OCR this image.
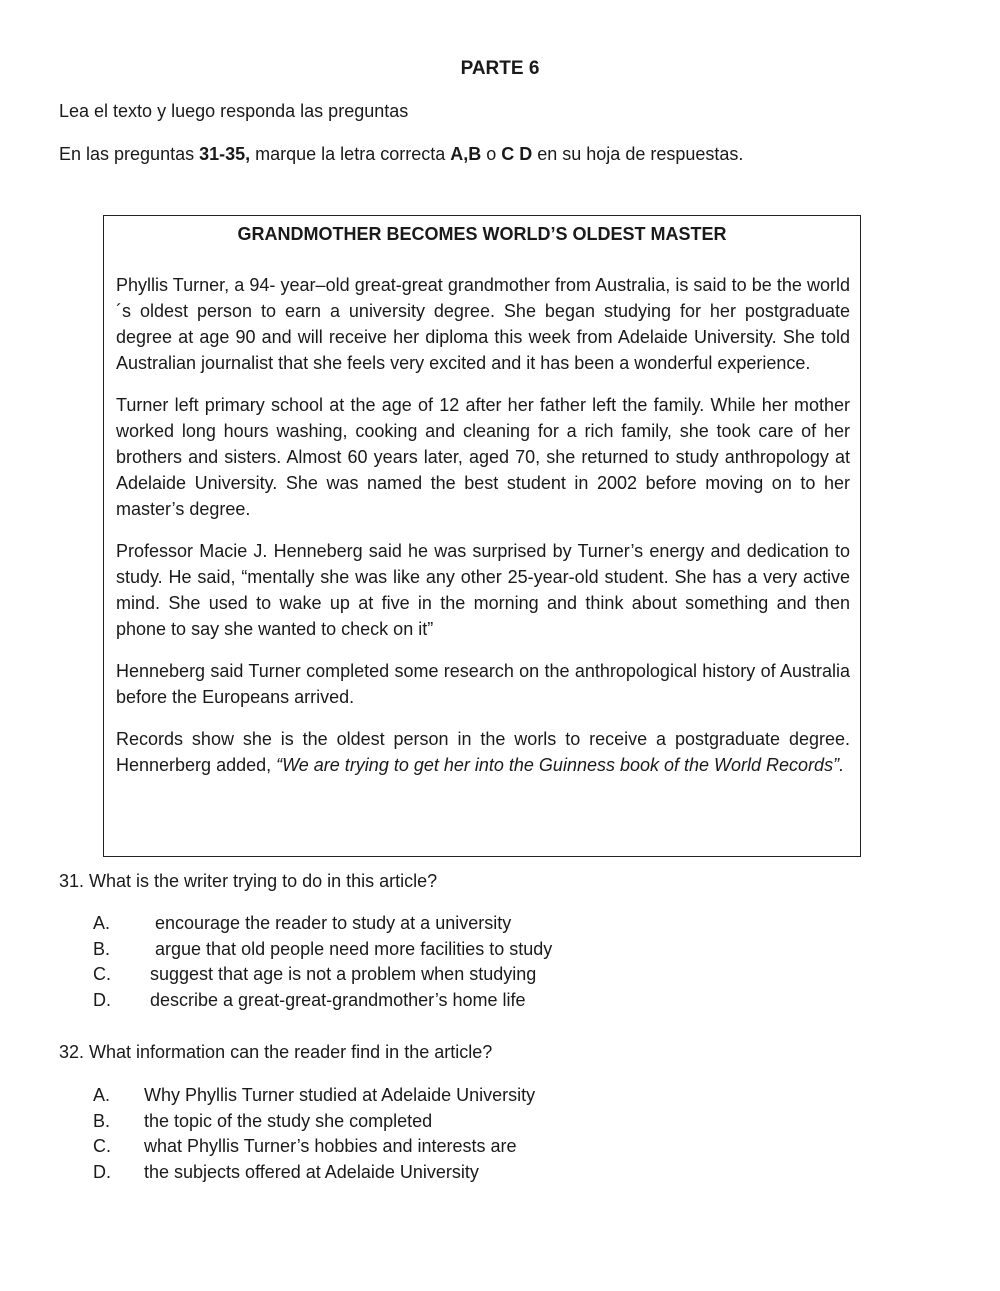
PARTE 6
Lea el texto y luego responda las preguntas
En las preguntas 31-35, marque la letra correcta A,B o C D en su hoja de respuestas.
GRANDMOTHER BECOMES WORLD’S OLDEST MASTER

Phyllis Turner, a 94- year–old great-great grandmother from Australia, is said to be the world´s oldest person to earn a university degree. She began studying for her postgraduate degree at age 90 and will receive her diploma this week from Adelaide University. She told Australian journalist that she feels very excited and it has been a wonderful experience.

Turner left primary school at the age of 12 after her father left the family. While her mother worked long hours washing, cooking and cleaning for a rich family, she took care of her brothers and sisters. Almost 60 years later, aged 70, she returned to study anthropology at Adelaide University. She was named the best student in 2002 before moving on to her master’s degree.

Professor Macie J. Henneberg said he was surprised by Turner’s energy and dedication to study. He said, “mentally she was like any other 25-year-old student. She has a very active mind. She used to wake up at five in the morning and think about something and then phone to say she wanted to check on it”

Henneberg said Turner completed some research on the anthropological history of Australia before the Europeans arrived.

Records show she is the oldest person in the worls to receive a postgraduate degree. Hennerberg added, “We are trying to get her into the Guinness book of the World Records”.

31. What is the writer trying to do in this article?
A.	encourage the reader to study at a university
B.	argue that old people need more facilities to study
C.	suggest that age is not a problem when studying
D.	describe a great-great-grandmother’s home life
32. What information can the reader find in the article?
A.	Why Phyllis Turner studied at Adelaide University
B.	the topic of the study she completed
C.	what Phyllis Turner’s hobbies and interests are
D.	the subjects offered at Adelaide University
